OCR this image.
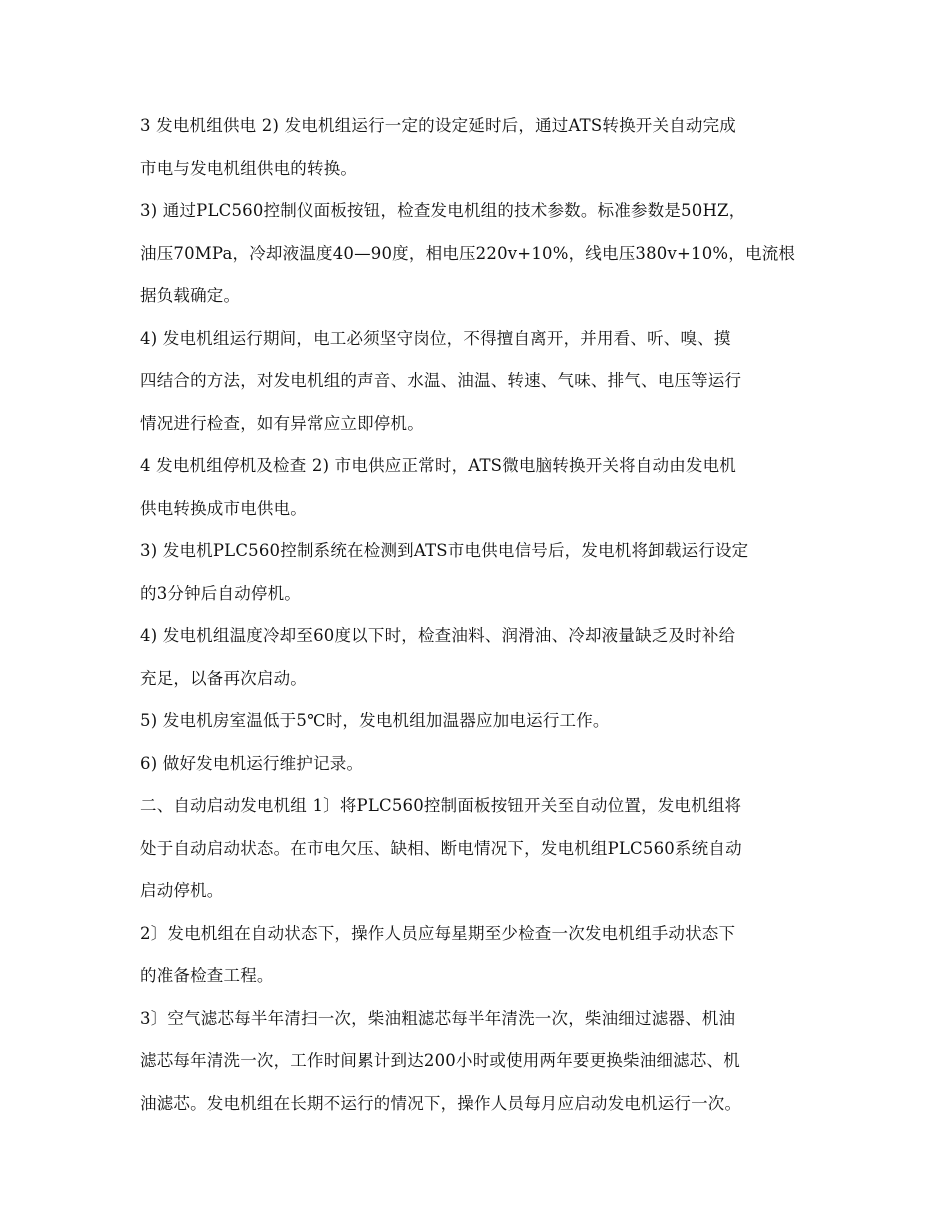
3 发电机组供电 2) 发电机组运行一定的设定延时后，通过ATS转换开关自动完成
市电与发电机组供电的转换。
3) 通过PLC560控制仪面板按钮，检查发电机组的技术参数。标准参数是50HZ，
油压70MPa，冷却液温度40—90度，相电压220v+10%，线电压380v+10%，电流根
据负载确定。
4) 发电机组运行期间，电工必须坚守岗位，不得擅自离开，并用看、听、嗅、摸
四结合的方法，对发电机组的声音、水温、油温、转速、气味、排气、电压等运行
情况进行检查，如有异常应立即停机。
4 发电机组停机及检查 2) 市电供应正常时，ATS微电脑转换开关将自动由发电机
供电转换成市电供电。
3) 发电机PLC560控制系统在检测到ATS市电供电信号后，发电机将卸载运行设定
的3分钟后自动停机。
4) 发电机组温度冷却至60度以下时，检查油料、润滑油、冷却液量缺乏及时补给
充足，以备再次启动。
5) 发电机房室温低于5℃时，发电机组加温器应加电运行工作。
6) 做好发电机运行维护记录。
二、自动启动发电机组 1〕将PLC560控制面板按钮开关至自动位置，发电机组将
处于自动启动状态。在市电欠压、缺相、断电情况下，发电机组PLC560系统自动
启动停机。
2〕发电机组在自动状态下，操作人员应每星期至少检查一次发电机组手动状态下
的准备检查工程。
3〕空气滤芯每半年清扫一次，柴油粗滤芯每半年清洗一次，柴油细过滤器、机油
滤芯每年清洗一次，工作时间累计到达200小时或使用两年要更换柴油细滤芯、机
油滤芯。发电机组在长期不运行的情况下，操作人员每月应启动发电机运行一次。
